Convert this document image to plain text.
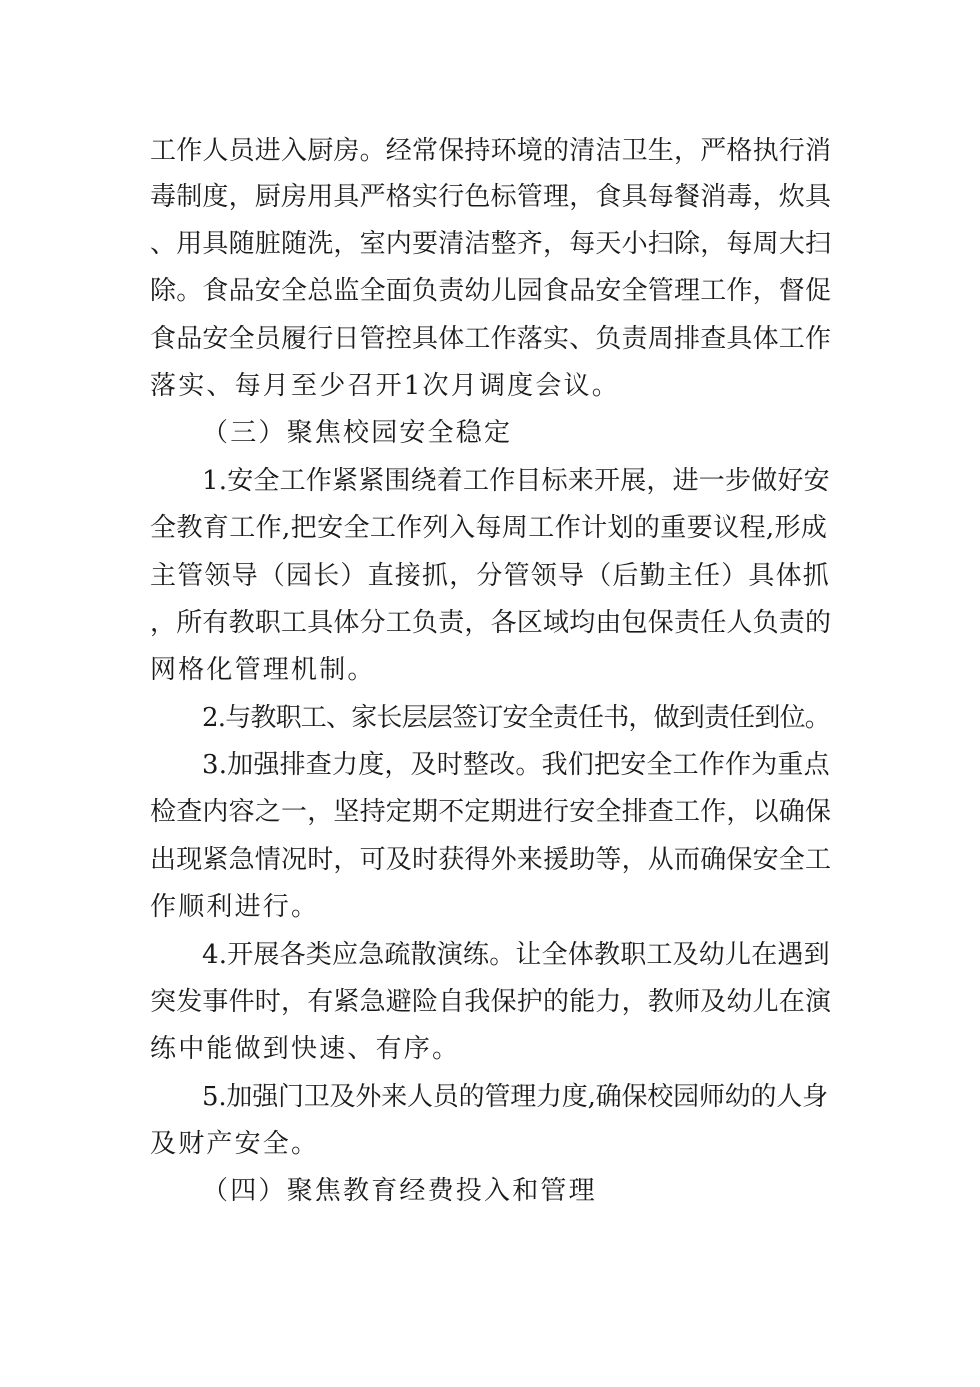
工作人员进入厨房。经常保持环境的清洁卫生，严格执行消
毒制度，厨房用具严格实行色标管理，食具每餐消毒，炊具
、用具随脏随洗，室内要清洁整齐，每天小扫除，每周大扫
除。食品安全总监全面负责幼儿园食品安全管理工作，督促
食品安全员履行日管控具体工作落实、负责周排查具体工作
落实、每月至少召开1次月调度会议。
（三）聚焦校园安全稳定
1.安全工作紧紧围绕着工作目标来开展，进一步做好安
全教育工作,把安全工作列入每周工作计划的重要议程,形成
主管领导（园长）直接抓，分管领导（后勤主任）具体抓
，所有教职工具体分工负责，各区域均由包保责任人负责的
网格化管理机制。
2.与教职工、家长层层签订安全责任书，做到责任到位。
3.加强排查力度，及时整改。我们把安全工作作为重点
检查内容之一，坚持定期不定期进行安全排查工作，以确保
出现紧急情况时，可及时获得外来援助等，从而确保安全工
作顺利进行。
4.开展各类应急疏散演练。让全体教职工及幼儿在遇到
突发事件时，有紧急避险自我保护的能力，教师及幼儿在演
练中能做到快速、有序。
5.加强门卫及外来人员的管理力度,确保校园师幼的人身
及财产安全。
（四）聚焦教育经费投入和管理
